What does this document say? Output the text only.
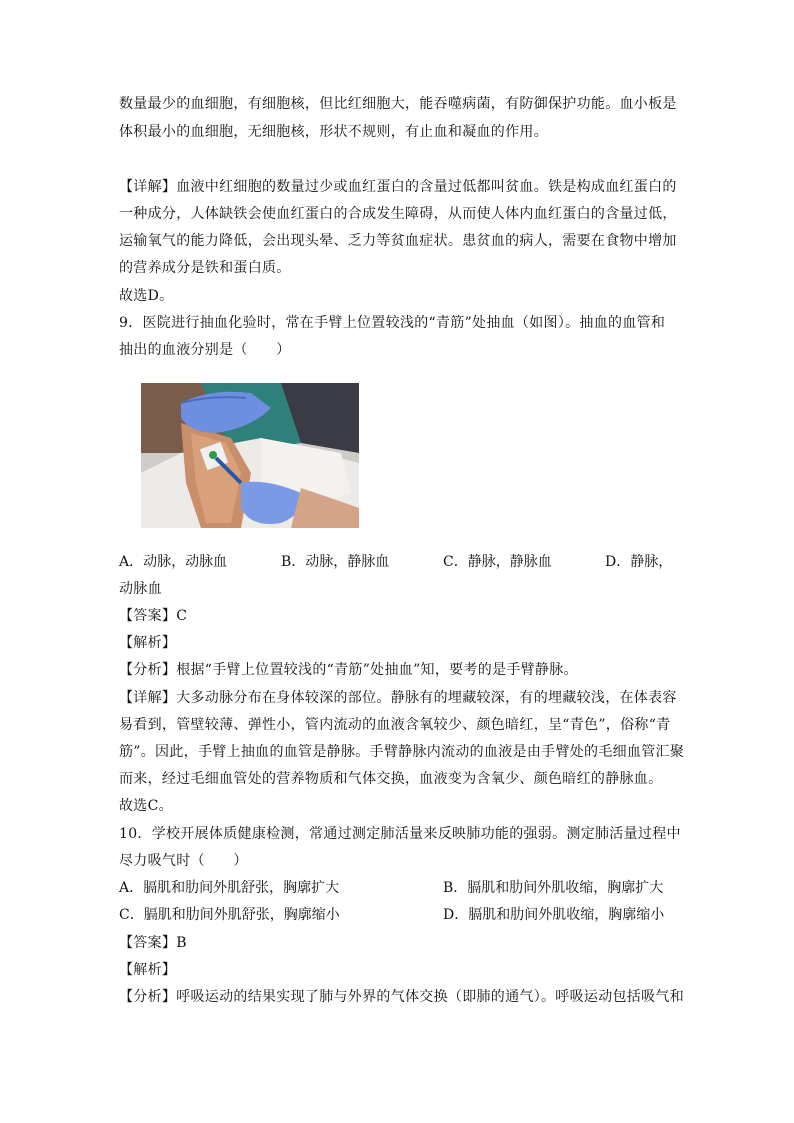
数量最少的血细胞，有细胞核，但比红细胞大，能吞噬病菌，有防御保护功能。血小板是
体积最小的血细胞，无细胞核，形状不规则，有止血和凝血的作用。
【详解】血液中红细胞的数量过少或血红蛋白的含量过低都叫贫血。铁是构成血红蛋白的
一种成分，人体缺铁会使血红蛋白的合成发生障碍，从而使人体内血红蛋白的含量过低，
运输氧气的能力降低，会出现头晕、乏力等贫血症状。患贫血的病人，需要在食物中增加
的营养成分是铁和蛋白质。
故选D。
9．医院进行抽血化验时，常在手臂上位置较浅的“青筋”处抽血（如图）。抽血的血管和
抽出的血液分别是（　　）
A．动脉，动脉血	B．动脉，静脉血	C．静脉，静脉血	D．静脉，
动脉血
【答案】C
【解析】
【分析】根据“手臂上位置较浅的“青筋”处抽血”知，要考的是手臂静脉。
【详解】大多动脉分布在身体较深的部位。静脉有的埋藏较深，有的埋藏较浅，在体表容
易看到，管壁较薄、弹性小，管内流动的血液含氧较少、颜色暗红，呈“青色”，俗称“青
筋”。因此，手臂上抽血的血管是静脉。手臂静脉内流动的血液是由手臂处的毛细血管汇聚
而来，经过毛细血管处的营养物质和气体交换，血液变为含氧少、颜色暗红的静脉血。
故选C。
10．学校开展体质健康检测，常通过测定肺活量来反映肺功能的强弱。测定肺活量过程中
尽力吸气时（　　）
A．膈肌和肋间外肌舒张，胸廓扩大	B．膈肌和肋间外肌收缩，胸廓扩大
C．膈肌和肋间外肌舒张，胸廓缩小	D．膈肌和肋间外肌收缩，胸廓缩小
【答案】B
【解析】
【分析】呼吸运动的结果实现了肺与外界的气体交换（即肺的通气）。呼吸运动包括吸气和
